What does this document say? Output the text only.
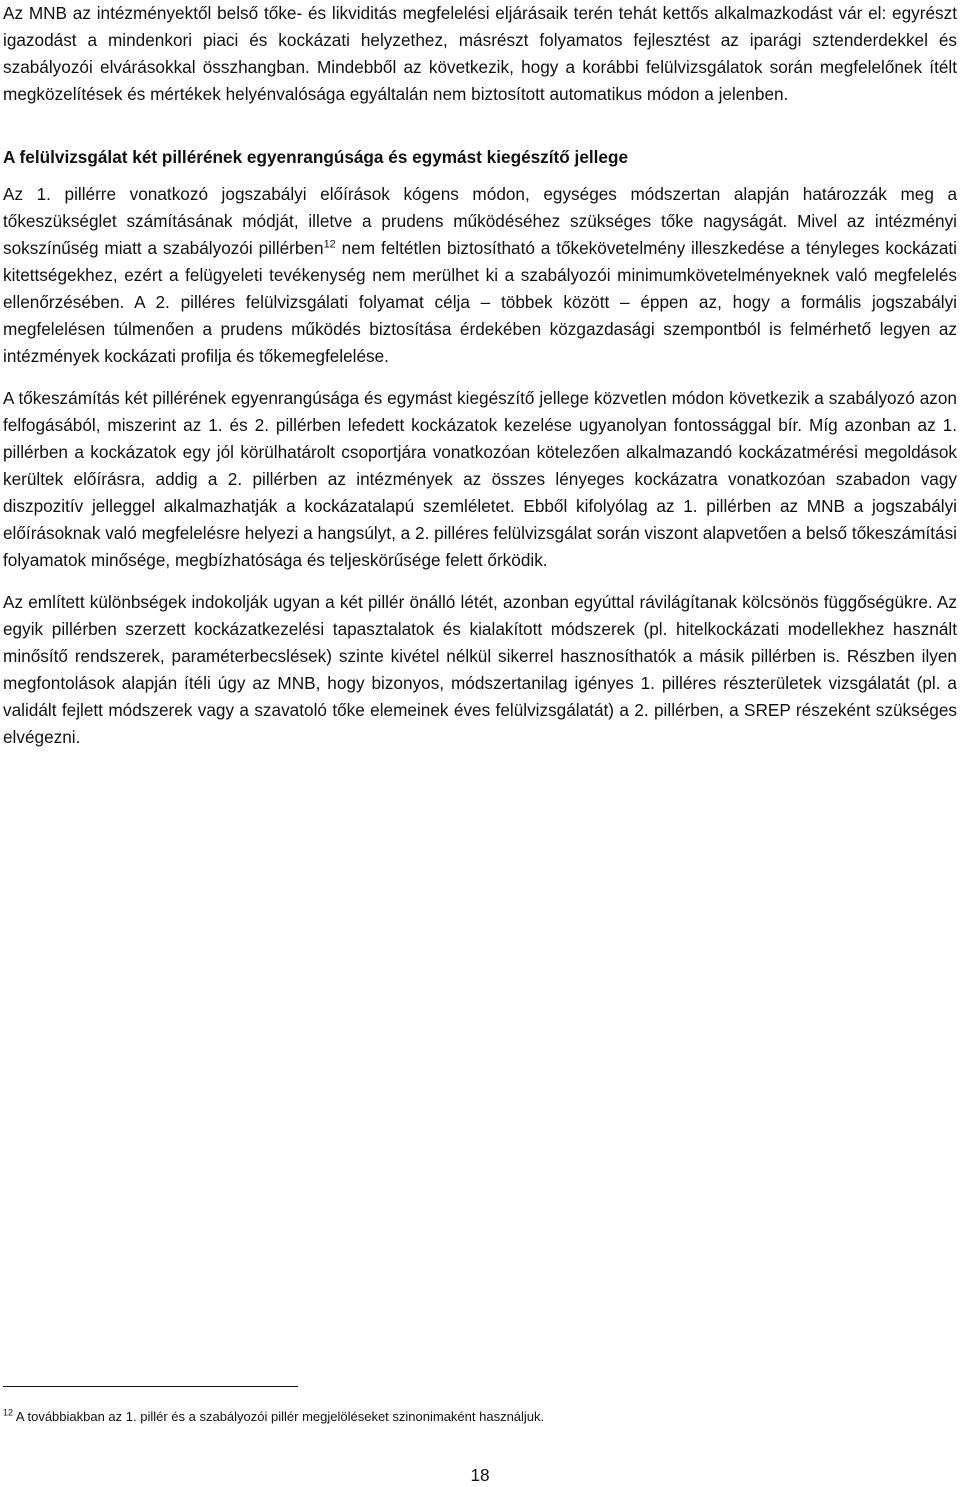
Az MNB az intézményektől belső tőke- és likviditás megfelelési eljárásaik terén tehát kettős alkalmazkodást vár el: egyrészt igazodást a mindenkori piaci és kockázati helyzethez, másrészt folyamatos fejlesztést az iparági sztenderdekkel és szabályozói elvárásokkal összhangban. Mindebből az következik, hogy a korábbi felülvizsgálatok során megfelelőnek ítélt megközelítések és mértékek helyénvalósága egyáltalán nem biztosított automatikus módon a jelenben.

A felülvizsgálat két pillérének egyenrangúsága és egymást kiegészítő jellege

Az 1. pillérre vonatkozó jogszabályi előírások kógens módon, egységes módszertan alapján határozzák meg a tőkeszükséglet számításának módját, illetve a prudens működéséhez szükséges tőke nagyságát. Mivel az intézményi sokszínűség miatt a szabályozói pillérben$^{12}$ nem feltétlen biztosítható a tőkekövetelmény illeszkedése a tényleges kockázati kitettségekhez, ezért a felügyeleti tevékenység nem merülhet ki a szabályozói minimumkövetelményeknek való megfelelés ellenőrzésében. A 2. pilléres felülvizsgálati folyamat célja – többek között – éppen az, hogy a formális jogszabályi megfelelésen túlmenően a prudens működés biztosítása érdekében közgazdasági szempontból is felmérhető legyen az intézmények kockázati profilja és tőkemegfelelése.

A tőkeszámítás két pillérének egyenrangúsága és egymást kiegészítő jellege közvetlen módon következik a szabályozó azon felfogásából, miszerint az 1. és 2. pillérben lefedett kockázatok kezelése ugyanolyan fontossággal bír. Míg azonban az 1. pillérben a kockázatok egy jól körülhatárolt csoportjára vonatkozóan kötelezően alkalmazandó kockázatmérési megoldások kerültek előírásra, addig a 2. pillérben az intézmények az összes lényeges kockázatra vonatkozóan szabadon vagy diszpozitív jelleggel alkalmazhatják a kockázatalapú szemléletet. Ebből kifolyólag az 1. pillérben az MNB a jogszabályi előírásoknak való megfelelésre helyezi a hangsúlyt, a 2. pilléres felülvizsgálat során viszont alapvetően a belső tőkeszámítási folyamatok minősége, megbízhatósága és teljeskörűsége felett őrködik.

Az említett különbségek indokolják ugyan a két pillér önálló létét, azonban egyúttal rávilágítanak kölcsönös függőségükre. Az egyik pillérben szerzett kockázatkezelési tapasztalatok és kialakított módszerek (pl. hitelkockázati modellekhez használt minősítő rendszerek, paraméterbecslések) szinte kivétel nélkül sikerrel hasznosíthatók a másik pillérben is. Részben ilyen megfontolások alapján ítéli úgy az MNB, hogy bizonyos, módszertanilag igényes 1. pilléres részterületek vizsgálatát (pl. a validált fejlett módszerek vagy a szavatoló tőke elemeinek éves felülvizsgálatát) a 2. pillérben, a SREP részeként szükséges elvégezni.

$^{12}$ A továbbiakban az 1. pillér és a szabályozói pillér megjelöléseket szinonimaként használjuk.
18
